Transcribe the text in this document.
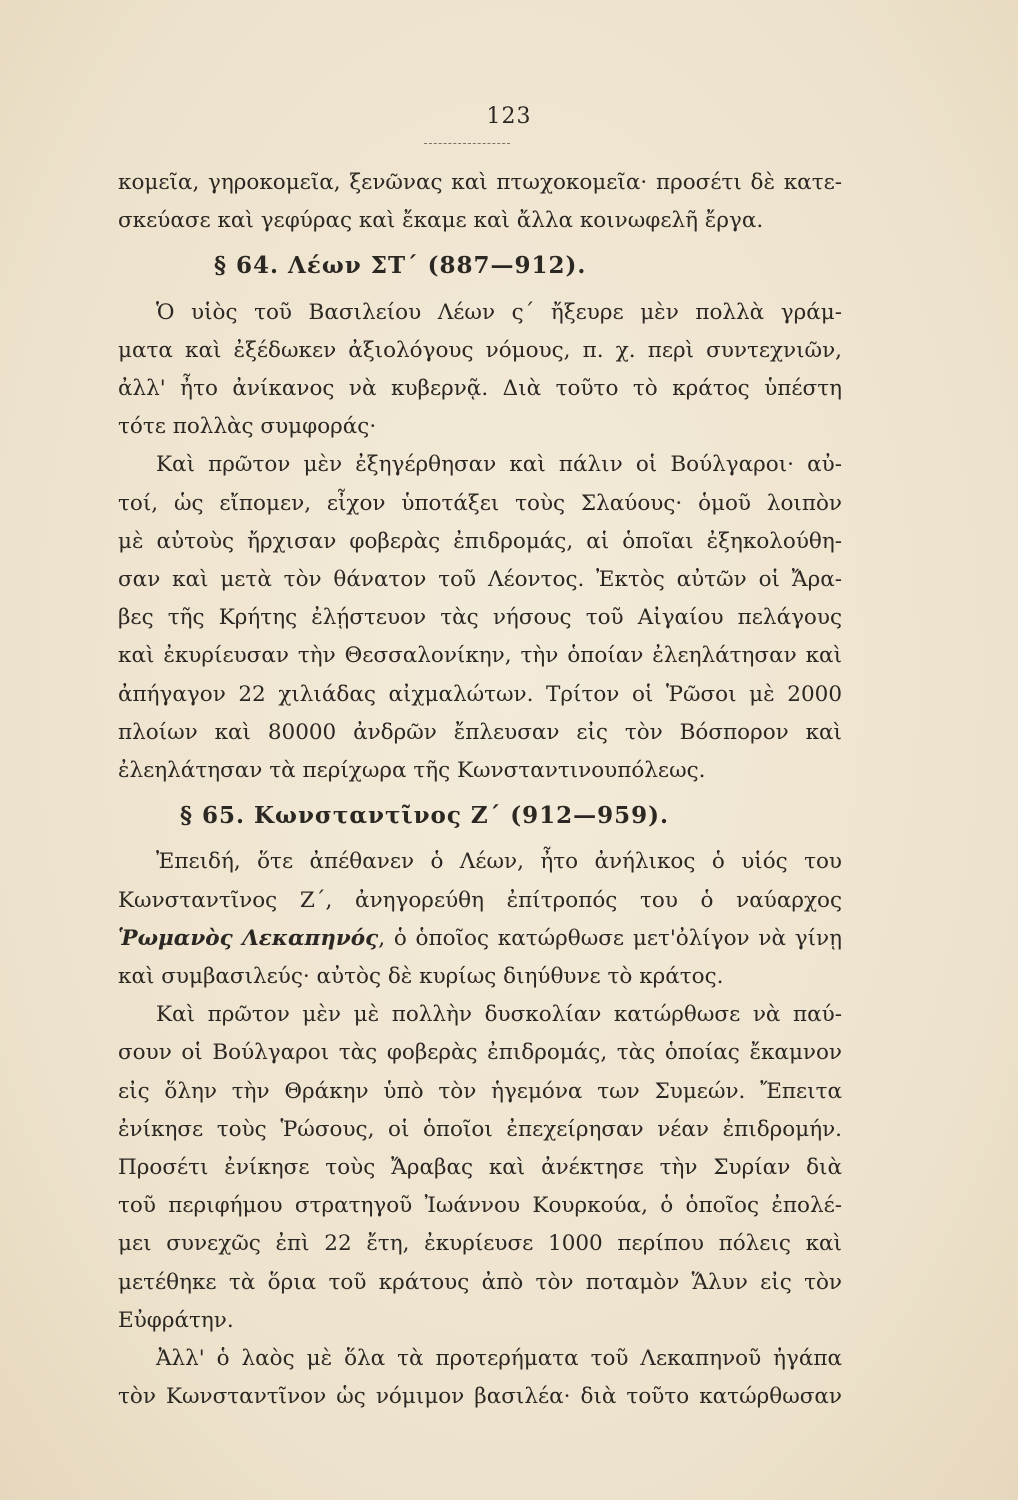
123
κομεῖα, γηροκομεῖα, ξενῶνας καὶ πτωχοκομεῖα· προσέτι δὲ κατε-
σκεύασε καὶ γεφύρας καὶ ἔκαμε καὶ ἄλλα κοινωφελῆ ἔργα.
§ 64. Λέων ΣΤ΄ (887—912).
Ὁ υἱὸς τοῦ Βασιλείου Λέων ς΄ ἤξευρε μὲν πολλὰ γράμ-
ματα καὶ ἐξέδωκεν ἀξιολόγους νόμους, π. χ. περὶ συντεχνιῶν,
ἀλλ' ἦτο ἀνίκανος νὰ κυβερνᾷ. Διὰ τοῦτο τὸ κράτος ὑπέστη
τότε πολλὰς συμφοράς·
Καὶ πρῶτον μὲν ἐξηγέρθησαν καὶ πάλιν οἱ Βούλγαροι· αὐ-
τοί, ὡς εἴπομεν, εἶχον ὑποτάξει τοὺς Σλαύους· ὁμοῦ λοιπὸν
μὲ αὐτοὺς ἤρχισαν φοβερὰς ἐπιδρομάς, αἱ ὁποῖαι ἐξηκολούθη-
σαν καὶ μετὰ τὸν θάνατον τοῦ Λέοντος. Ἐκτὸς αὐτῶν οἱ Ἄρα-
βες τῆς Κρήτης ἐλῄστευον τὰς νήσους τοῦ Αἰγαίου πελάγους
καὶ ἐκυρίευσαν τὴν Θεσσαλονίκην, τὴν ὁποίαν ἐλεηλάτησαν καὶ
ἀπήγαγον 22 χιλιάδας αἰχμαλώτων. Τρίτον οἱ Ῥῶσοι μὲ 2000
πλοίων καὶ 80000 ἀνδρῶν ἔπλευσαν εἰς τὸν Βόσπορον καὶ
ἐλεηλάτησαν τὰ περίχωρα τῆς Κωνσταντινουπόλεως.
§ 65. Κωνσταντῖνος Ζ΄ (912—959).
Ἐπειδή, ὅτε ἀπέθανεν ὁ Λέων, ἦτο ἀνήλικος ὁ υἱός του
Κωνσταντῖνος Ζ΄, ἀνηγορεύθη ἐπίτροπός του ὁ ναύαρχος
Ῥωμανὸς Λεκαπηνός, ὁ ὁποῖος κατώρθωσε μετ'ὀλίγον νὰ γίνῃ
καὶ συμβασιλεύς· αὐτὸς δὲ κυρίως διηύθυνε τὸ κράτος.
Καὶ πρῶτον μὲν μὲ πολλὴν δυσκολίαν κατώρθωσε νὰ παύ-
σουν οἱ Βούλγαροι τὰς φοβερὰς ἐπιδρομάς, τὰς ὁποίας ἔκαμνον
εἰς ὅλην τὴν Θράκην ὑπὸ τὸν ἡγεμόνα των Συμεών. Ἔπειτα
ἐνίκησε τοὺς Ῥώσους, οἱ ὁποῖοι ἐπεχείρησαν νέαν ἐπιδρομήν.
Προσέτι ἐνίκησε τοὺς Ἄραβας καὶ ἀνέκτησε τὴν Συρίαν διὰ
τοῦ περιφήμου στρατηγοῦ Ἰωάννου Κουρκούα, ὁ ὁποῖος ἐπολέ-
μει συνεχῶς ἐπὶ 22 ἔτη, ἐκυρίευσε 1000 περίπου πόλεις καὶ
μετέθηκε τὰ ὅρια τοῦ κράτους ἀπὸ τὸν ποταμὸν Ἅλυν εἰς τὸν
Εὐφράτην.
Ἀλλ' ὁ λαὸς μὲ ὅλα τὰ προτερήματα τοῦ Λεκαπηνοῦ ἠγάπα
τὸν Κωνσταντῖνον ὡς νόμιμον βασιλέα· διὰ τοῦτο κατώρθωσαν
